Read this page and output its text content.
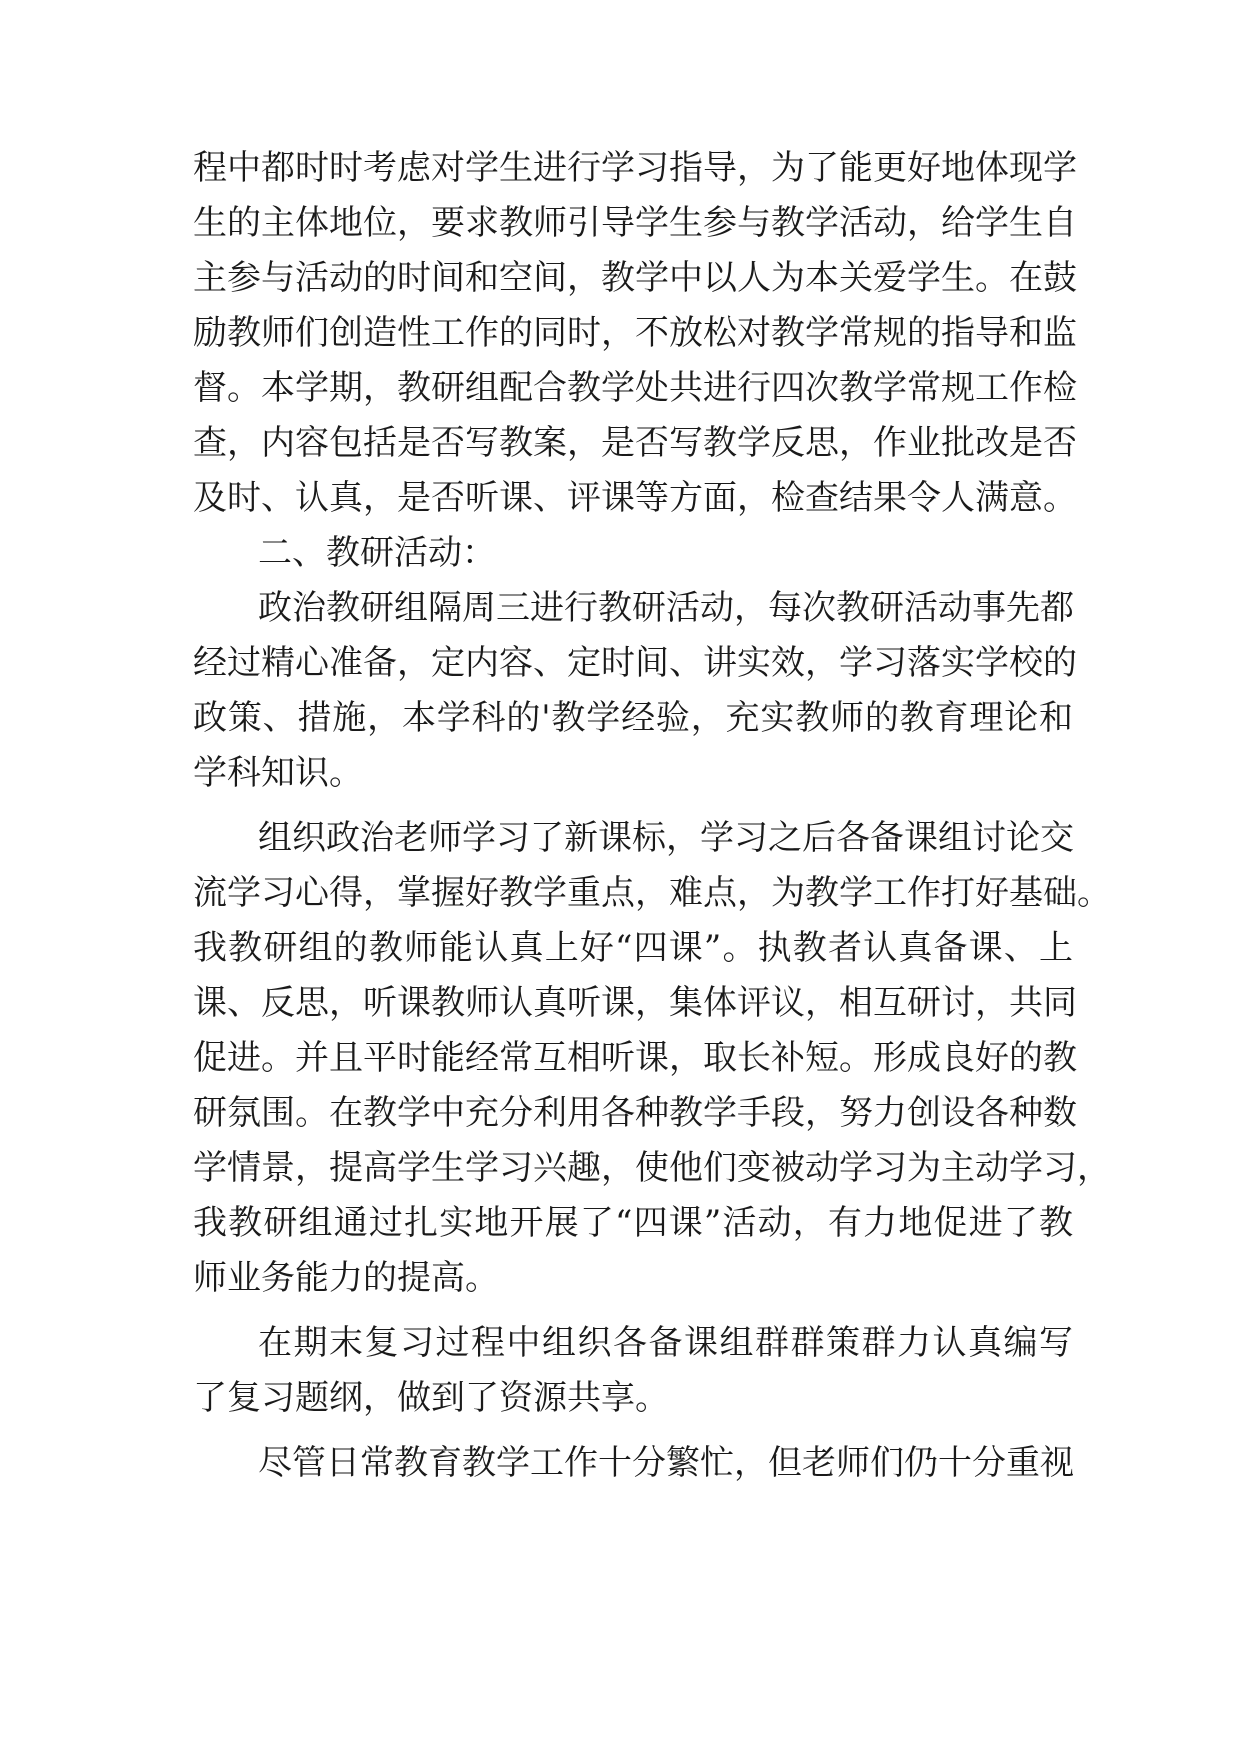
程中都时时考虑对学生进行学习指导，为了能更好地体现学
生的主体地位，要求教师引导学生参与教学活动，给学生自
主参与活动的时间和空间，教学中以人为本关爱学生。在鼓
励教师们创造性工作的同时，不放松对教学常规的指导和监
督。本学期，教研组配合教学处共进行四次教学常规工作检
查，内容包括是否写教案，是否写教学反思，作业批改是否
及时、认真，是否听课、评课等方面，检查结果令人满意。
二、教研活动：
政治教研组隔周三进行教研活动，每次教研活动事先都
经过精心准备，定内容、定时间、讲实效，学习落实学校的
政策、措施，本学科的'教学经验，充实教师的教育理论和
学科知识。
组织政治老师学习了新课标，学习之后各备课组讨论交
流学习心得，掌握好教学重点，难点，为教学工作打好基础。
我教研组的教师能认真上好“四课”。执教者认真备课、上
课、反思，听课教师认真听课，集体评议，相互研讨，共同
促进。并且平时能经常互相听课，取长补短。形成良好的教
研氛围。在教学中充分利用各种教学手段，努力创设各种数
学情景，提高学生学习兴趣，使他们变被动学习为主动学习，
我教研组通过扎实地开展了“四课”活动，有力地促进了教
师业务能力的提高。
在期末复习过程中组织各备课组群群策群力认真编写
了复习题纲，做到了资源共享。
尽管日常教育教学工作十分繁忙，但老师们仍十分重视
